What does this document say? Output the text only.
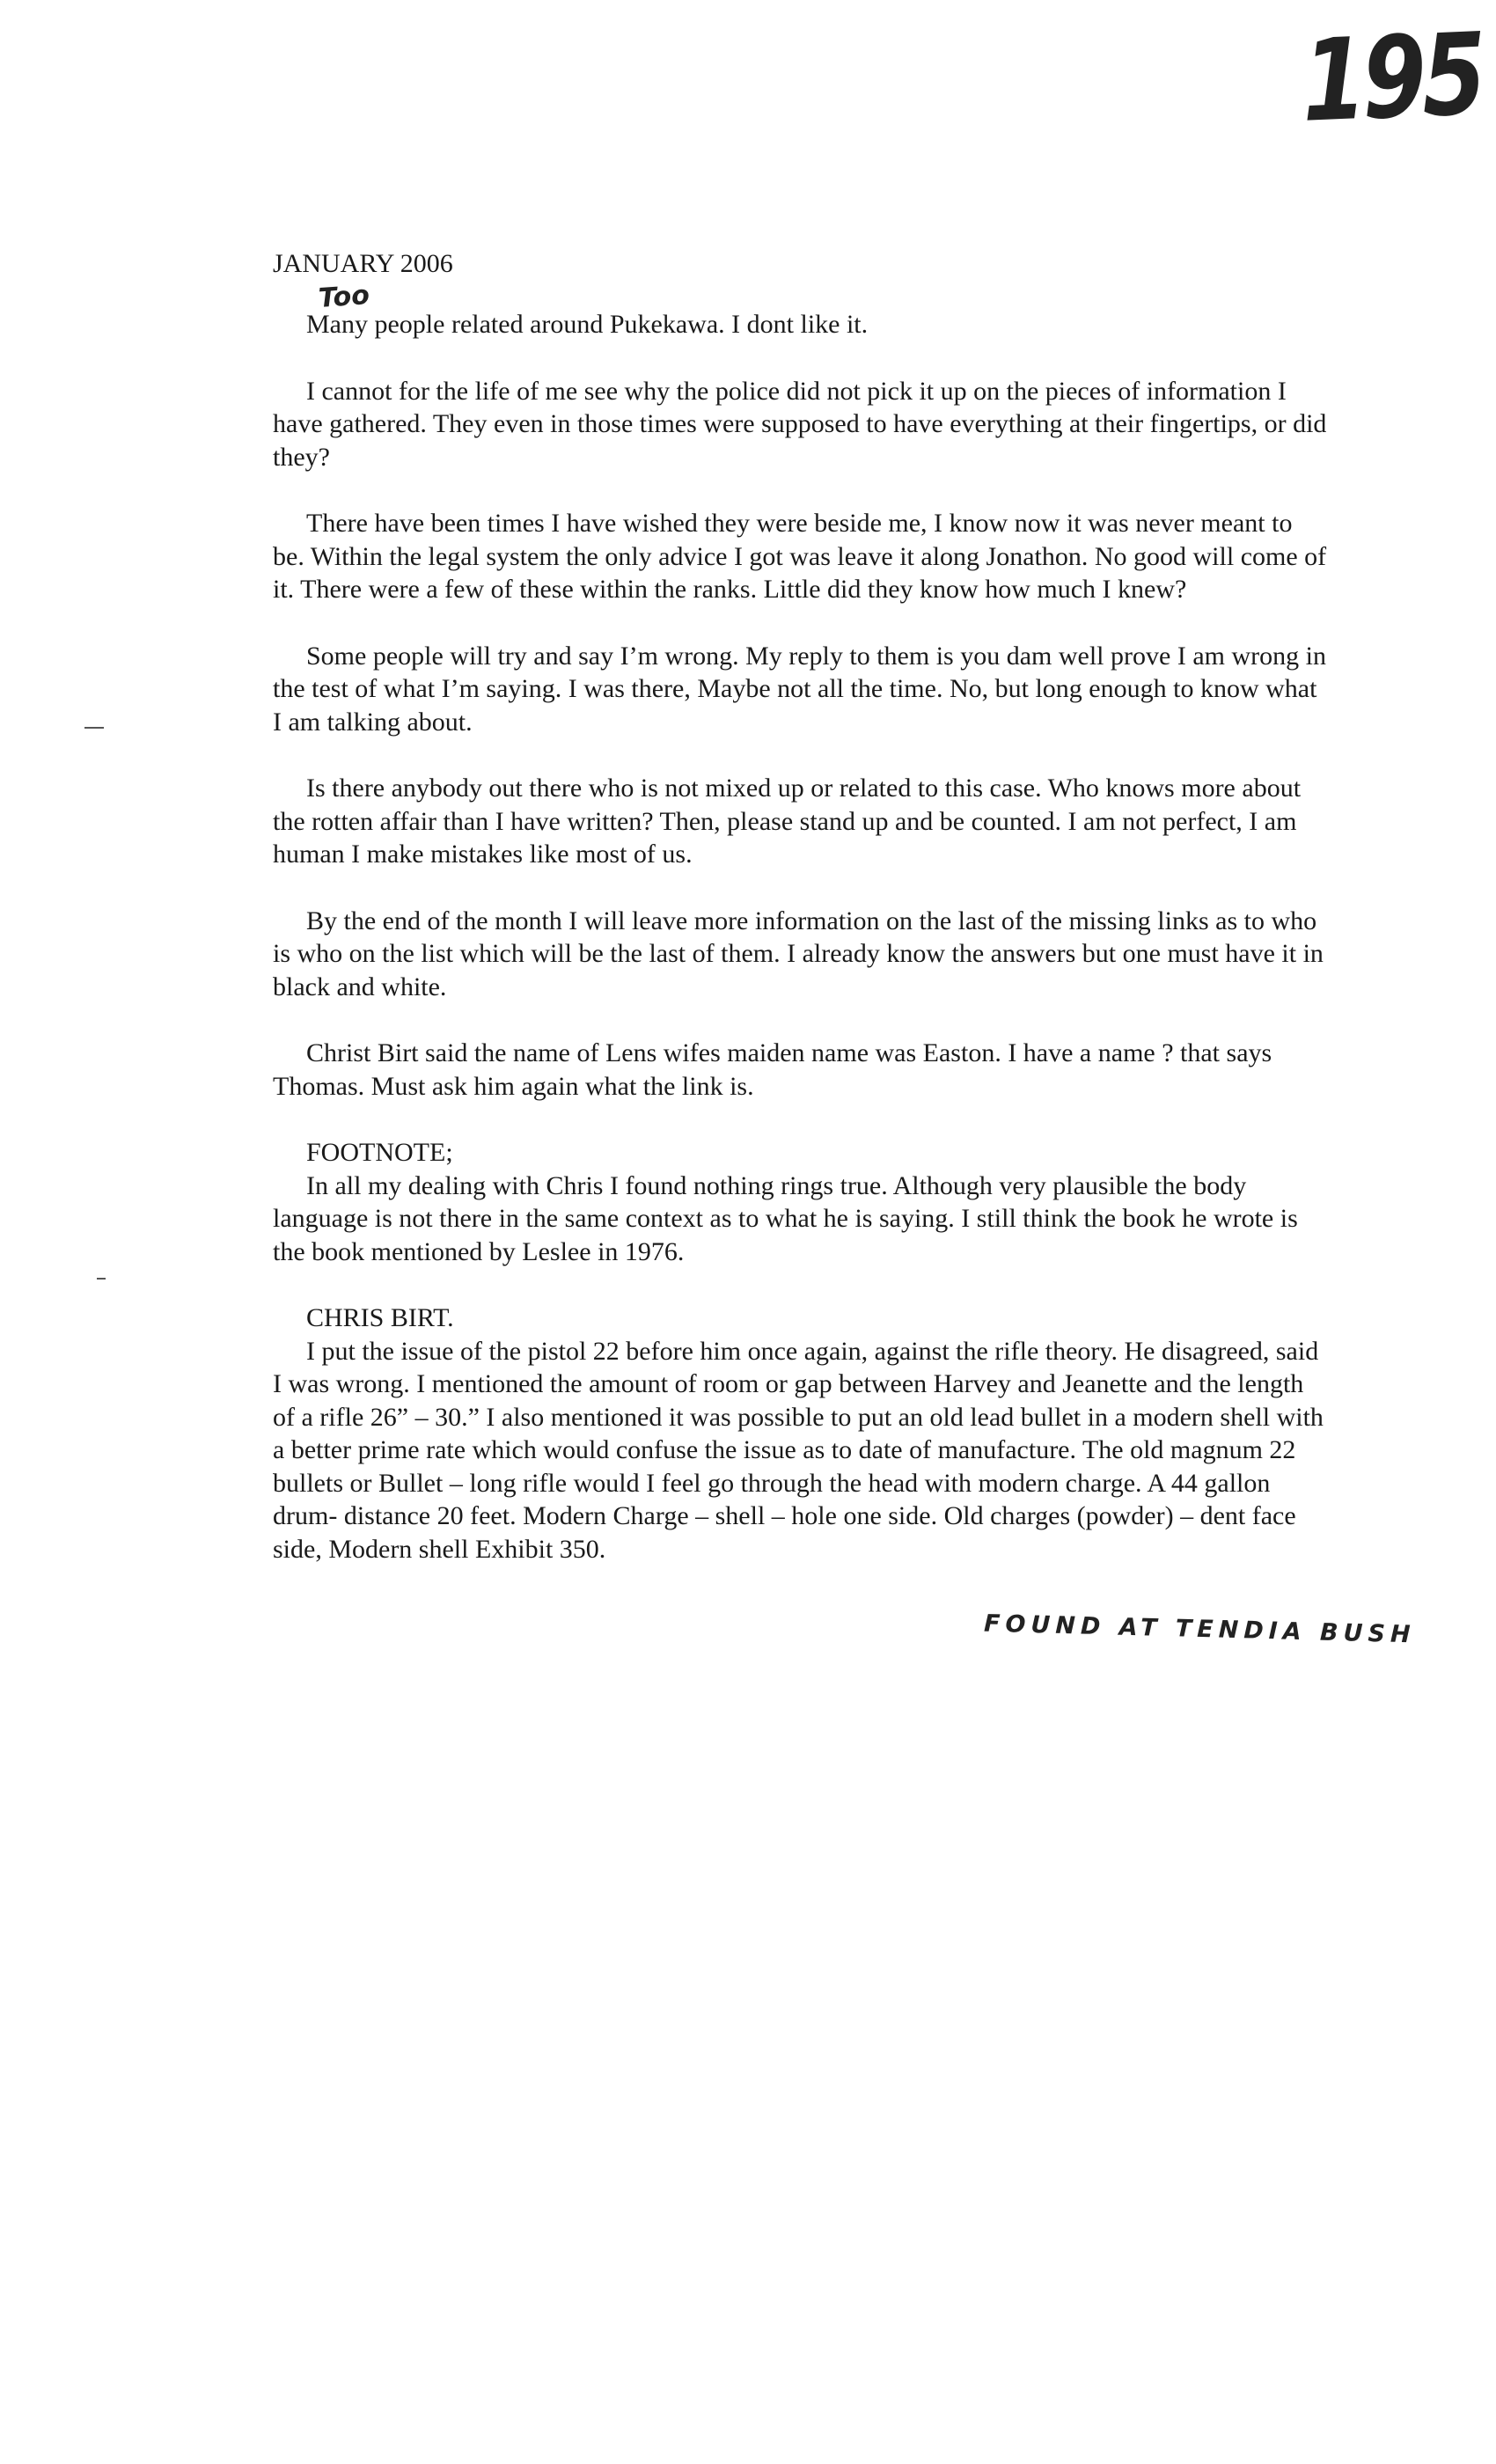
195

JANUARY 2006

Too

Many people related around Pukekawa. I dont like it.

I cannot for the life of me see why the police did not pick it up on the pieces of information I have gathered. They even in those times were supposed to have everything at their fingertips, or did they?

There have been times I have wished they were beside me, I know now it was never meant to be. Within the legal system the only advice I got was leave it along Jonathon. No good will come of it. There were a few of these within the ranks. Little did they know how much I knew?

Some people will try and say I’m wrong. My reply to them is you dam well prove I am wrong in the test of what I’m saying. I was there, Maybe not all the time. No, but long enough to know what I am talking about.

Is there anybody out there who is not mixed up or related to this case. Who knows more about the rotten affair than I have written? Then, please stand up and be counted. I am not perfect, I am human I make mistakes like most of us.

By the end of the month I will leave more information on the last of the missing links as to who is who on the list which will be the last of them. I already know the answers but one must have it in black and white.

Christ Birt said the name of Lens wifes maiden name was Easton. I have a name ? that says Thomas. Must ask him again what the link is.

FOOTNOTE;

In all my dealing with Chris I found nothing rings true. Although very plausible the body language is not there in the same context as to what he is saying. I still think the book he wrote is the book mentioned by Leslee in 1976.

CHRIS BIRT.

I put the issue of the pistol 22 before him once again, against the rifle theory. He disagreed, said I was wrong. I mentioned the amount of room or gap between Harvey and Jeanette and the length of a rifle 26” – 30.” I also mentioned it was possible to put an old lead bullet in a modern shell with a better prime rate which would confuse the issue as to date of manufacture. The old magnum 22 bullets or Bullet – long rifle would I feel go through the head with modern charge. A 44 gallon drum- distance 20 feet. Modern Charge – shell – hole one side. Old charges (powder) – dent face side, Modern shell Exhibit 350.

FOUND AT TENDIA BUSH
